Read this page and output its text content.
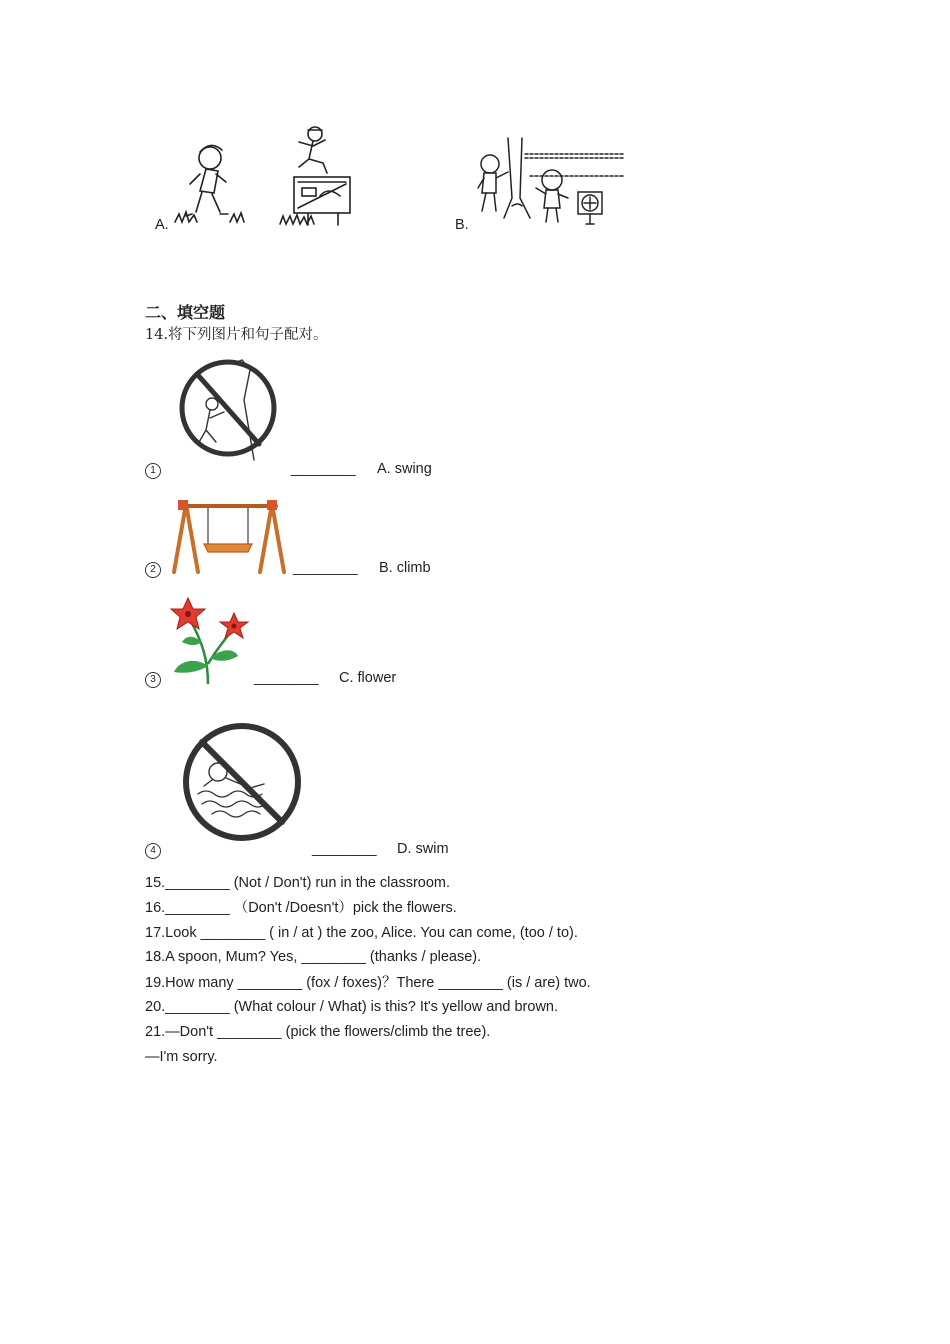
A.	B.
二、填空题
14.将下列图片和句子配对。
1	________ A. swing
2	________ B. climb
3	________ C. flower
4	________ D. swim
15.________ (Not / Don't) run in the classroom.
16.________ （Don't /Doesn't）pick the flowers.
17.Look ________ ( in / at ) the zoo, Alice. You can come, (too / to).
18.A spoon, Mum? Yes, ________ (thanks / please).
19.How many ________ (fox / foxes)？There ________ (is / are) two.
20.________ (What colour / What) is this? It's yellow and brown.
21.—Don't ________ (pick the flowers/climb the tree).
—I'm sorry.
